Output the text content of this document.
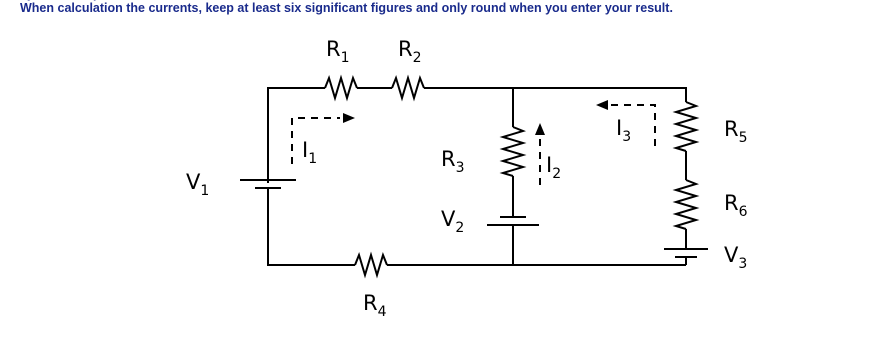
When calculation the currents, keep at least six significant figures and only round when you enter your result.
$R_1$ $R_2$
$I_1$
$V_1$
$R_3$
$V_2$
$I_2$
$I_3$	$R_5$
$R_6$
$V_3$
$R_4$
